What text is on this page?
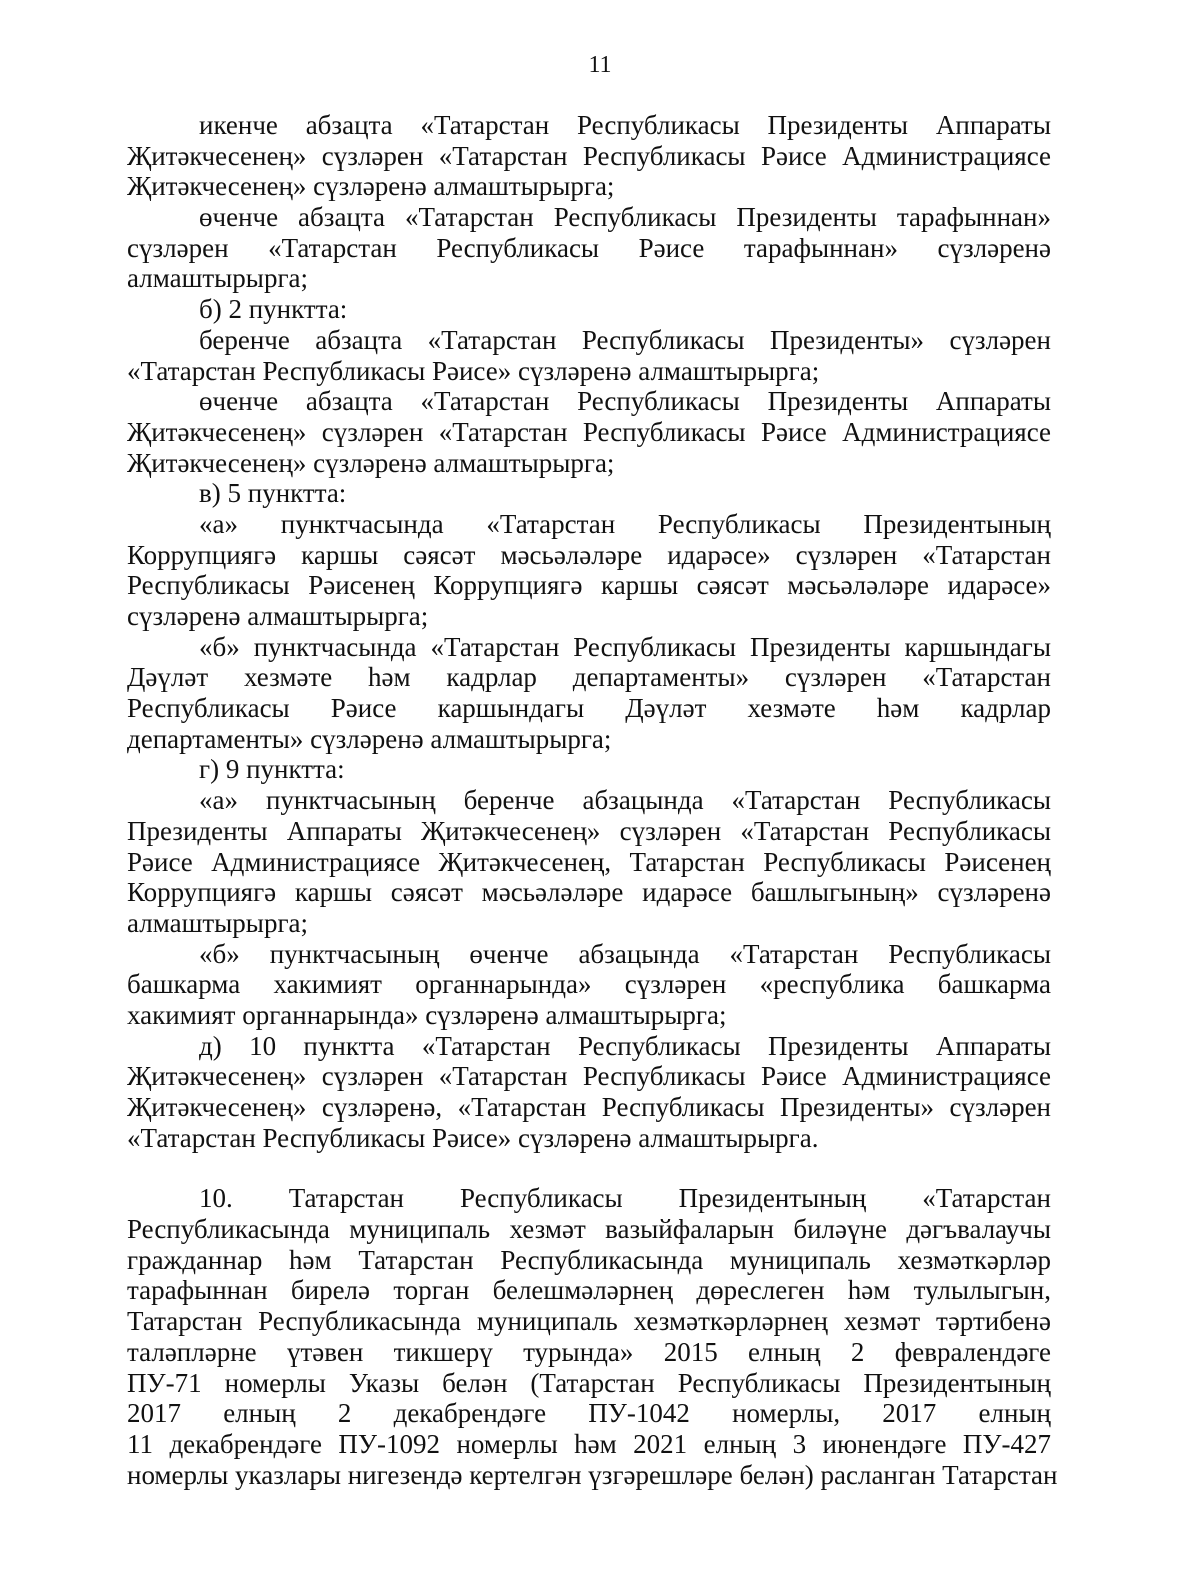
11
икенче абзацта «Татарстан Республикасы Президенты Аппараты
Җитәкчесенең» сүзләрен «Татарстан Республикасы Рәисе Администрациясе
Җитәкчесенең» сүзләренә алмаштырырга;
өченче абзацта «Татарстан Республикасы Президенты тарафыннан»
сүзләрен «Татарстан Республикасы Рәисе тарафыннан» сүзләренә
алмаштырырга;
б) 2 пунктта:
беренче абзацта «Татарстан Республикасы Президенты» сүзләрен
«Татарстан Республикасы Рәисе» сүзләренә алмаштырырга;
өченче абзацта «Татарстан Республикасы Президенты Аппараты
Җитәкчесенең» сүзләрен «Татарстан Республикасы Рәисе Администрациясе
Җитәкчесенең» сүзләренә алмаштырырга;
в) 5 пунктта:
«а» пунктчасында «Татарстан Республикасы Президентының
Коррупциягә каршы сәясәт мәсьәләләре идарәсе» сүзләрен «Татарстан
Республикасы Рәисенең Коррупциягә каршы сәясәт мәсьәләләре идарәсе»
сүзләренә алмаштырырга;
«б» пунктчасында «Татарстан Республикасы Президенты каршындагы
Дәүләт хезмәте һәм кадрлар департаменты» сүзләрен «Татарстан
Республикасы Рәисе каршындагы Дәүләт хезмәте һәм кадрлар
департаменты» сүзләренә алмаштырырга;
г) 9 пунктта:
«а» пунктчасының беренче абзацында «Татарстан Республикасы
Президенты Аппараты Җитәкчесенең» сүзләрен «Татарстан Республикасы
Рәисе Администрациясе Җитәкчесенең, Татарстан Республикасы Рәисенең
Коррупциягә каршы сәясәт мәсьәләләре идарәсе башлыгының» сүзләренә
алмаштырырга;
«б» пунктчасының өченче абзацында «Татарстан Республикасы
башкарма хакимият органнарында» сүзләрен «республика башкарма
хакимият органнарында» сүзләренә алмаштырырга;
д) 10 пунктта «Татарстан Республикасы Президенты Аппараты
Җитәкчесенең» сүзләрен «Татарстан Республикасы Рәисе Администрациясе
Җитәкчесенең» сүзләренә, «Татарстан Республикасы Президенты» сүзләрен
«Татарстан Республикасы Рәисе» сүзләренә алмаштырырга.
10. Татарстан Республикасы Президентының «Татарстан
Республикасында муниципаль хезмәт вазыйфаларын биләүне дәгъвалаучы
гражданнар һәм Татарстан Республикасында муниципаль хезмәткәрләр
тарафыннан бирелә торган белешмәләрнең дөреслеген һәм тулылыгын,
Татарстан Республикасында муниципаль хезмәткәрләрнең хезмәт тәртибенә
таләпләрне үтәвен тикшерү турында» 2015 елның 2 февралендәге
ПУ-71 номерлы Указы белән (Татарстан Республикасы Президентының
2017 елның 2 декабрендәге ПУ-1042 номерлы, 2017 елның
11 декабрендәге ПУ-1092 номерлы һәм 2021 елның 3 июнендәге ПУ-427
номерлы указлары нигезендә кертелгән үзгәрешләре белән) расланган Татарстан
